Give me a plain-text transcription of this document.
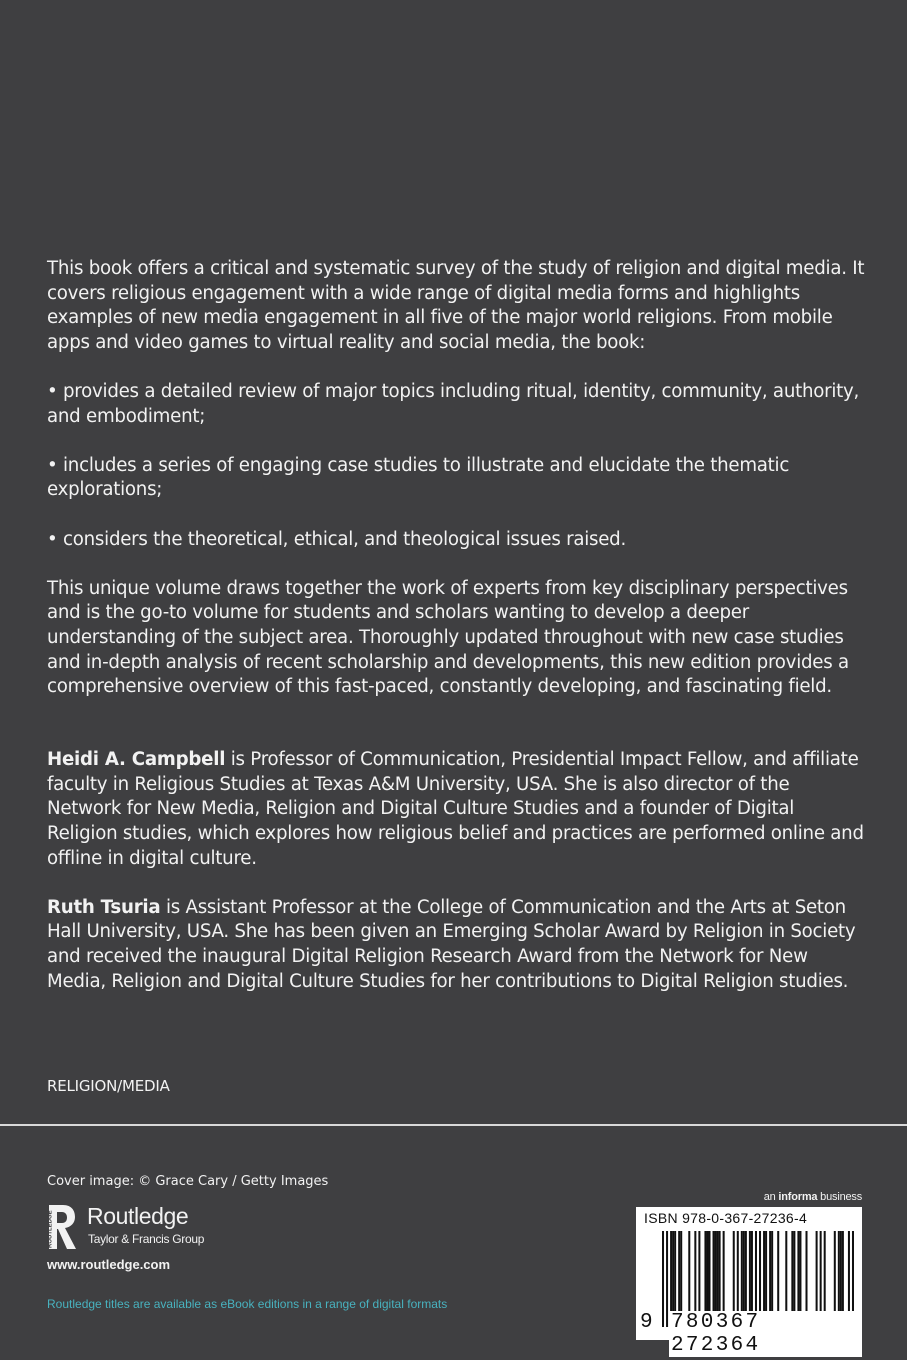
This book offers a critical and systematic survey of the study of religion and digital media. It covers religious engagement with a wide range of digital media forms and highlights examples of new media engagement in all five of the major world religions. From mobile apps and video games to virtual reality and social media, the book:

• provides a detailed review of major topics including ritual, identity, community, authority, and embodiment;

• includes a series of engaging case studies to illustrate and elucidate the thematic explorations;

• considers the theoretical, ethical, and theological issues raised.

This unique volume draws together the work of experts from key disciplinary perspectives and is the go-to volume for students and scholars wanting to develop a deeper understanding of the subject area. Thoroughly updated throughout with new case studies and in-depth analysis of recent scholarship and developments, this new edition provides a comprehensive overview of this fast-paced, constantly developing, and fascinating field.

Heidi A. Campbell is Professor of Communication, Presidential Impact Fellow, and affiliate faculty in Religious Studies at Texas A&M University, USA. She is also director of the Network for New Media, Religion and Digital Culture Studies and a founder of Digital Religion studies, which explores how religious belief and practices are performed online and offline in digital culture.
Ruth Tsuria is Assistant Professor at the College of Communication and the Arts at Seton Hall University, USA. She has been given an Emerging Scholar Award by Religion in Society and received the inaugural Digital Religion Research Award from the Network for New Media, Religion and Digital Culture Studies for her contributions to Digital Religion studies.
RELIGION/MEDIA
Cover image: © Grace Cary / Getty Images
ROUTLEDGE Routledge
Taylor & Francis Group
www.routledge.com
Routledge titles are available as eBook editions in a range of digital formats
an informa business
ISBN 978-0-367-27236-4
9 780367 272364
